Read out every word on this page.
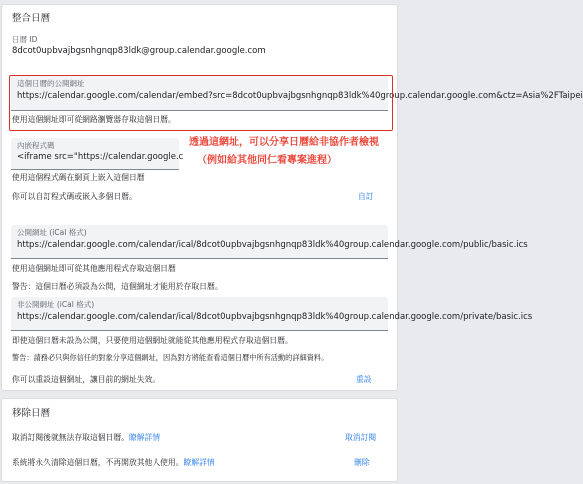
整合日曆
日曆 ID
8dcot0upbvajbgsnhgnqp83ldk@group.calendar.google.com
這個日曆的公開網址
https://calendar.google.com/calendar/embed?src=8dcot0upbvajbgsnhgnqp83ldk%40group.calendar.google.com&ctz=Asia%2FTaipei
使用這個網址即可從網路瀏覽器存取這個日曆。
內嵌程式碼
<iframe src="https://calendar.google.c
透過這網址，可以分享日曆給非協作者檢視
（例如給其他同仁看專案進程）
使用這個程式碼在網頁上嵌入這個日曆
你可以自訂程式碼或嵌入多個日曆。	自訂
公開網址 (iCal 格式)
https://calendar.google.com/calendar/ical/8dcot0upbvajbgsnhgnqp83ldk%40group.calendar.google.com/public/basic.ics
使用這個網址即可從其他應用程式存取這個日曆
警告：這個日曆必須設為公開，這個網址才能用於存取日曆。
非公開網址 (iCal 格式)
https://calendar.google.com/calendar/ical/8dcot0upbvajbgsnhgnqp83ldk%40group.calendar.google.com/private/basic.ics
即使這個日曆未設為公開，只要使用這個網址就能從其他應用程式存取這個日曆。
警告：請務必只與你信任的對象分享這個網址，因為對方將能查看這個日曆中所有活動的詳細資料。
你可以重設這個網址，讓目前的網址失效。	重設
移除日曆
取消訂閱後就無法存取這個日曆。瞭解詳情	取消訂閱
系統將永久清除這個日曆，不再開放其他人使用。瞭解詳情	刪除
